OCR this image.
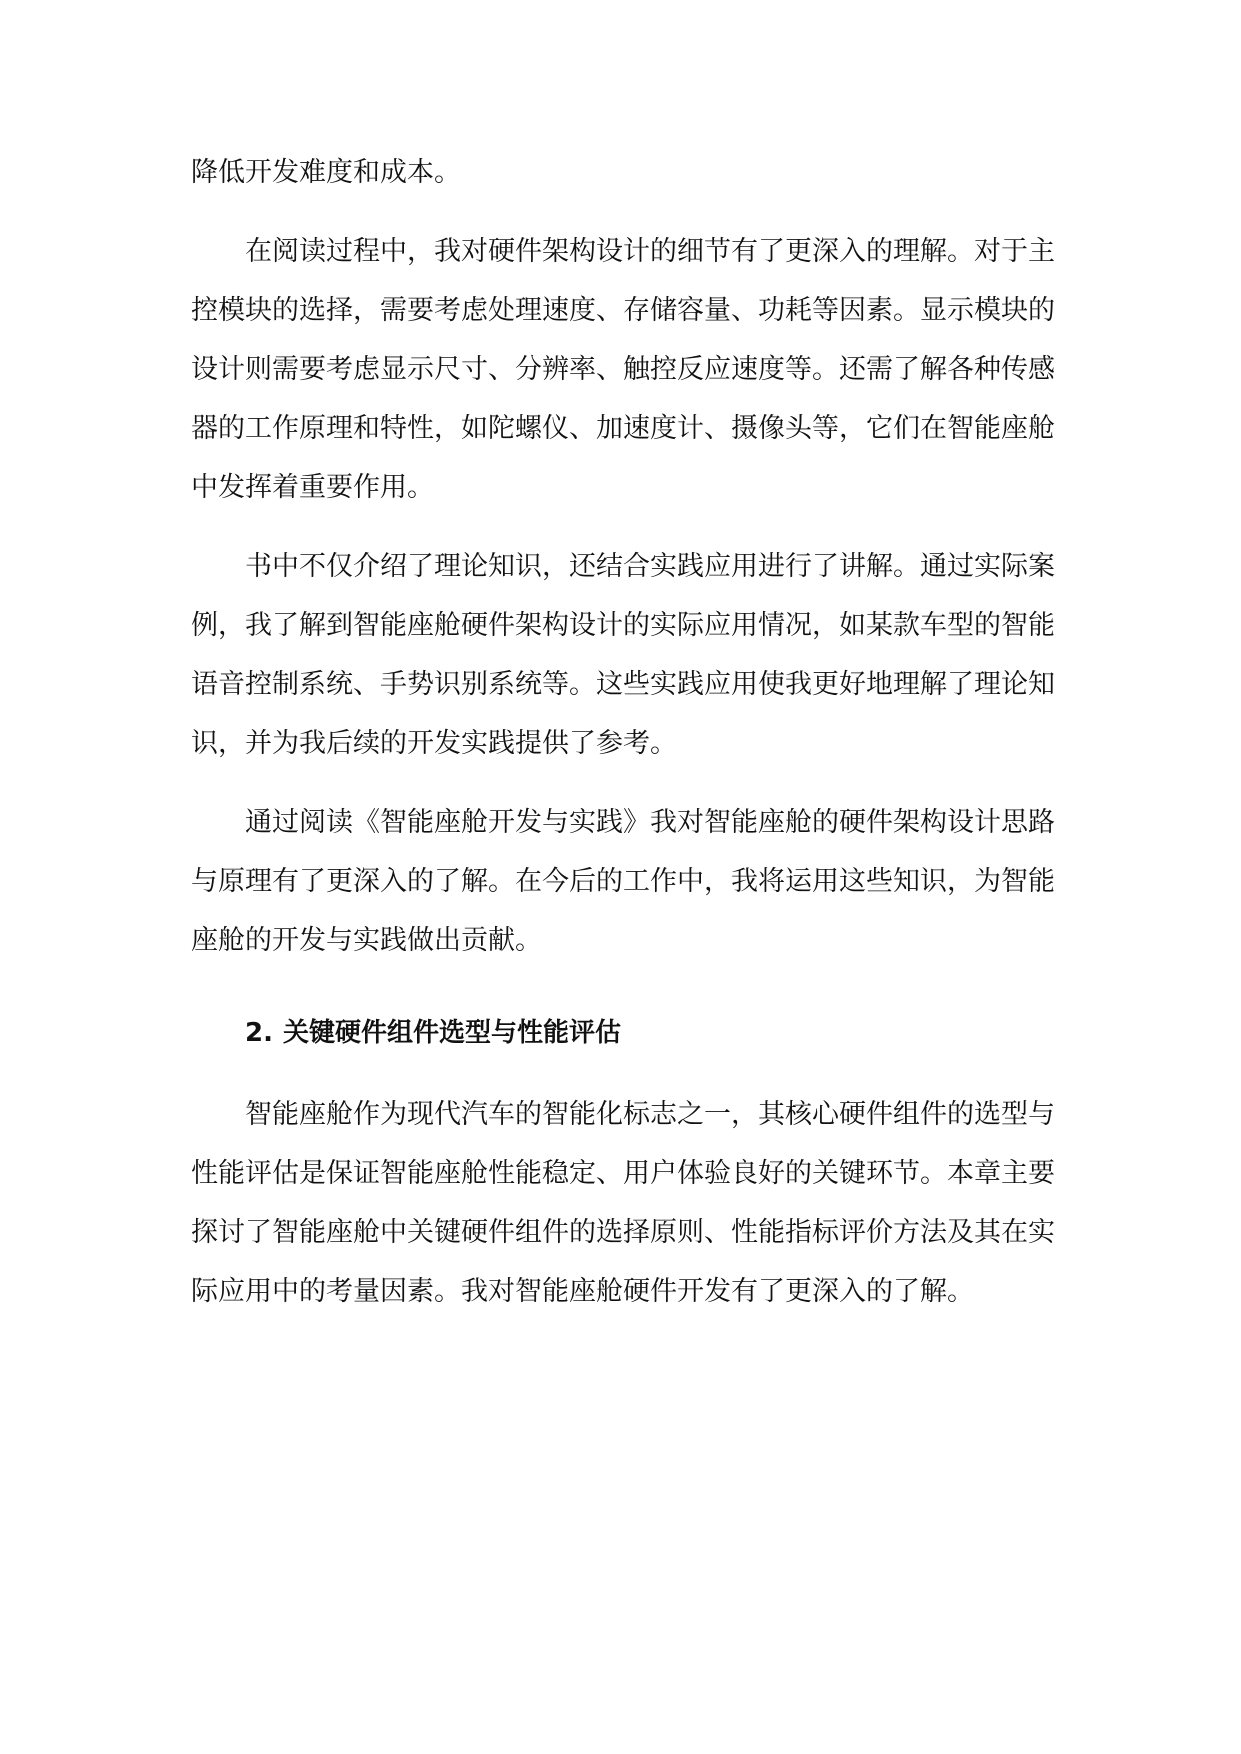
降低开发难度和成本。

在阅读过程中，我对硬件架构设计的细节有了更深入的理解。对于主控模块的选择，需要考虑处理速度、存储容量、功耗等因素。显示模块的设计则需要考虑显示尺寸、分辨率、触控反应速度等。还需了解各种传感器的工作原理和特性，如陀螺仪、加速度计、摄像头等，它们在智能座舱中发挥着重要作用。

书中不仅介绍了理论知识，还结合实践应用进行了讲解。通过实际案例，我了解到智能座舱硬件架构设计的实际应用情况，如某款车型的智能语音控制系统、手势识别系统等。这些实践应用使我更好地理解了理论知识，并为我后续的开发实践提供了参考。

通过阅读《智能座舱开发与实践》我对智能座舱的硬件架构设计思路与原理有了更深入的了解。在今后的工作中，我将运用这些知识，为智能座舱的开发与实践做出贡献。

2. 关键硬件组件选型与性能评估

智能座舱作为现代汽车的智能化标志之一，其核心硬件组件的选型与性能评估是保证智能座舱性能稳定、用户体验良好的关键环节。本章主要探讨了智能座舱中关键硬件组件的选择原则、性能指标评价方法及其在实际应用中的考量因素。我对智能座舱硬件开发有了更深入的了解。
